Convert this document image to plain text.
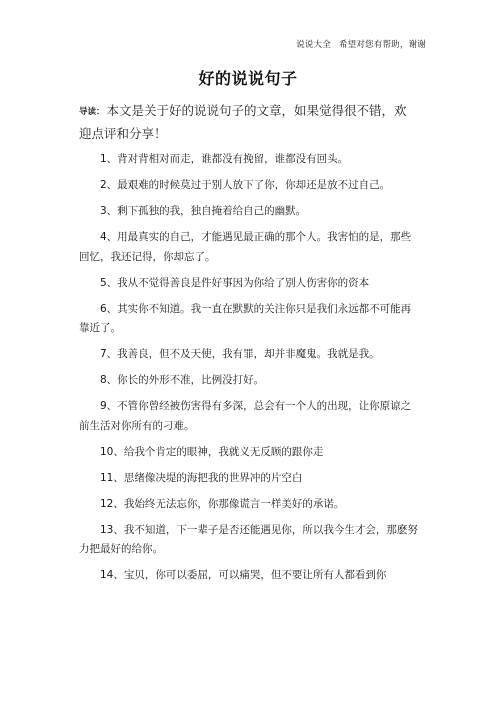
说说大全 希望对您有帮助，谢谢
好的说说句子
导读： 本文是关于好的说说句子的文章，如果觉得很不错，欢迎点评和分享！

1、背对背相对而走，谁都没有挽留，谁都没有回头。

2、最艰难的时候莫过于别人放下了你，你却还是放不过自己。

3、剩下孤独的我，独自掩着给自己的幽默。

4、用最真实的自己，才能遇见最正确的那个人。我害怕的是，那些回忆，我还记得，你却忘了。

5、我从不觉得善良是件好事因为你给了别人伤害你的资本

6、其实你不知道。我一直在默默的关注你只是我们永远都不可能再靠近了。

7、我善良，但不及天使，我有罪，却并非魔鬼。我就是我。

8、你长的外形不准，比例没打好。

9、不管你曾经被伤害得有多深，总会有一个人的出现，让你原谅之前生活对你所有的刁难。

10、给我个肯定的眼神，我就义无反顾的跟你走

11、思绪像决堤的海把我的世界冲的片空白

12、我始终无法忘你，你那像谎言一样美好的承诺。

13、我不知道，下一辈子是否还能遇见你，所以我今生才会，那麽努力把最好的给你。

14、宝贝，你可以委屈，可以痛哭，但不要让所有人都看到你
